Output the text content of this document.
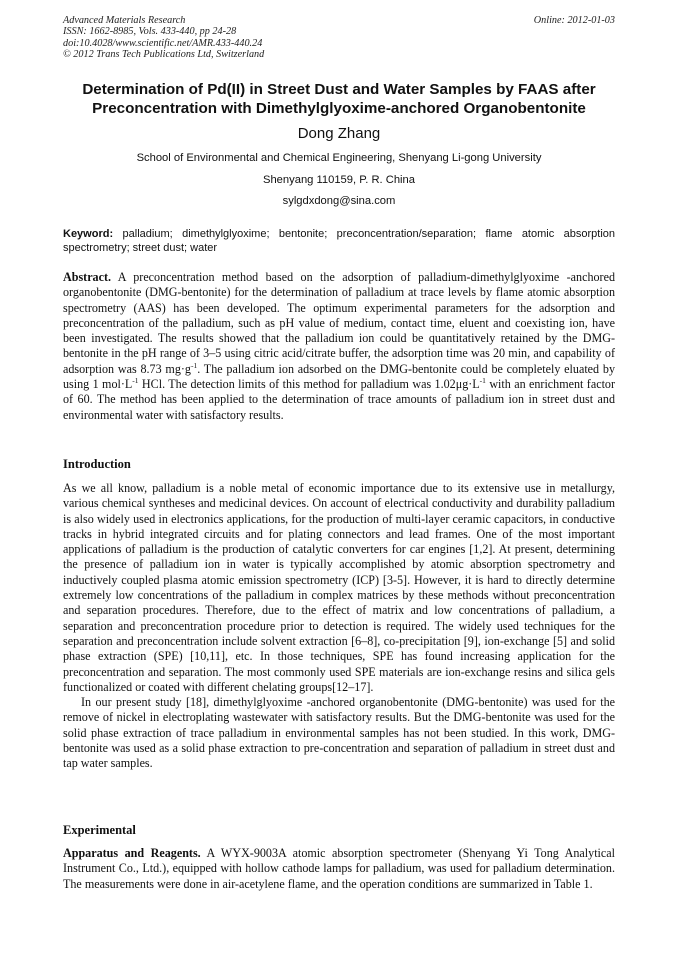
Advanced Materials Research
ISSN: 1662-8985, Vols. 433-440, pp 24-28
doi:10.4028/www.scientific.net/AMR.433-440.24
© 2012 Trans Tech Publications Ltd, Switzerland
Online: 2012-01-03
Determination of Pd(II) in Street Dust and Water Samples by FAAS after
Preconcentration with Dimethylglyoxime-anchored Organobentonite
Dong Zhang
School of Environmental and Chemical Engineering, Shenyang Li-gong University
Shenyang 110159, P. R. China
sylgdxdong@sina.com
Keyword: palladium; dimethylglyoxime; bentonite; preconcentration/separation; flame atomic absorption spectrometry; street dust; water
Abstract. A preconcentration method based on the adsorption of palladium-dimethylglyoxime -anchored organobentonite (DMG-bentonite) for the determination of palladium at trace levels by flame atomic absorption spectrometry (AAS) has been developed. The optimum experimental parameters for the adsorption and preconcentration of the palladium, such as pH value of medium, contact time, eluent and coexisting ion, have been investigated. The results showed that the palladium ion could be quantitatively retained by the DMG-bentonite in the pH range of 3–5 using citric acid/citrate buffer, the adsorption time was 20 min, and capability of adsorption was 8.73 $mg\cdot g^{-1}$. The palladium ion adsorbed on the DMG-bentonite could be completely eluated by using 1 $mol\cdot L^{-1}$ HCl. The detection limits of this method for palladium was $1.02\mu g\cdot L^{-1}$ with an enrichment factor of 60. The method has been applied to the determination of trace amounts of palladium ion in street dust and environmental water with satisfactory results.
Introduction

As we all know, palladium is a noble metal of economic importance due to its extensive use in metallurgy, various chemical syntheses and medicinal devices. On account of electrical conductivity and durability palladium is also widely used in electronics applications, for the production of multi-layer ceramic capacitors, in conductive tracks in hybrid integrated circuits and for plating connectors and lead frames. One of the most important applications of palladium is the production of catalytic converters for car engines [1,2]. At present, determining the presence of palladium ion in water is typically accomplished by atomic absorption spectrometry and inductively coupled plasma atomic emission spectrometry (ICP) [3-5]. However, it is hard to directly determine extremely low concentrations of the palladium in complex matrices by these methods without preconcentration and separation procedures. Therefore, due to the effect of matrix and low concentrations of palladium, a separation and preconcentration procedure prior to detection is required. The widely used techniques for the separation and preconcentration include solvent extraction [6–8], co-precipitation [9], ion-exchange [5] and solid phase extraction (SPE) [10,11], etc. In those techniques, SPE has found increasing application for the preconcentration and separation. The most commonly used SPE materials are ion-exchange resins and silica gels functionalized or coated with different chelating groups[12–17].

In our present study [18], dimethylglyoxime -anchored organobentonite (DMG-bentonite) was used for the remove of nickel in electroplating wastewater with satisfactory results. But the DMG-bentonite was used for the solid phase extraction of trace palladium in environmental samples has not been studied. In this work, DMG-bentonite was used as a solid phase extraction to pre-concentration and separation of palladium in street dust and tap water samples.

Experimental
Apparatus and Reagents. A WYX-9003A atomic absorption spectrometer (Shenyang Yi Tong Analytical Instrument Co., Ltd.), equipped with hollow cathode lamps for palladium, was used for palladium determination. The measurements were done in air-acetylene flame, and the operation conditions are summarized in Table 1.
